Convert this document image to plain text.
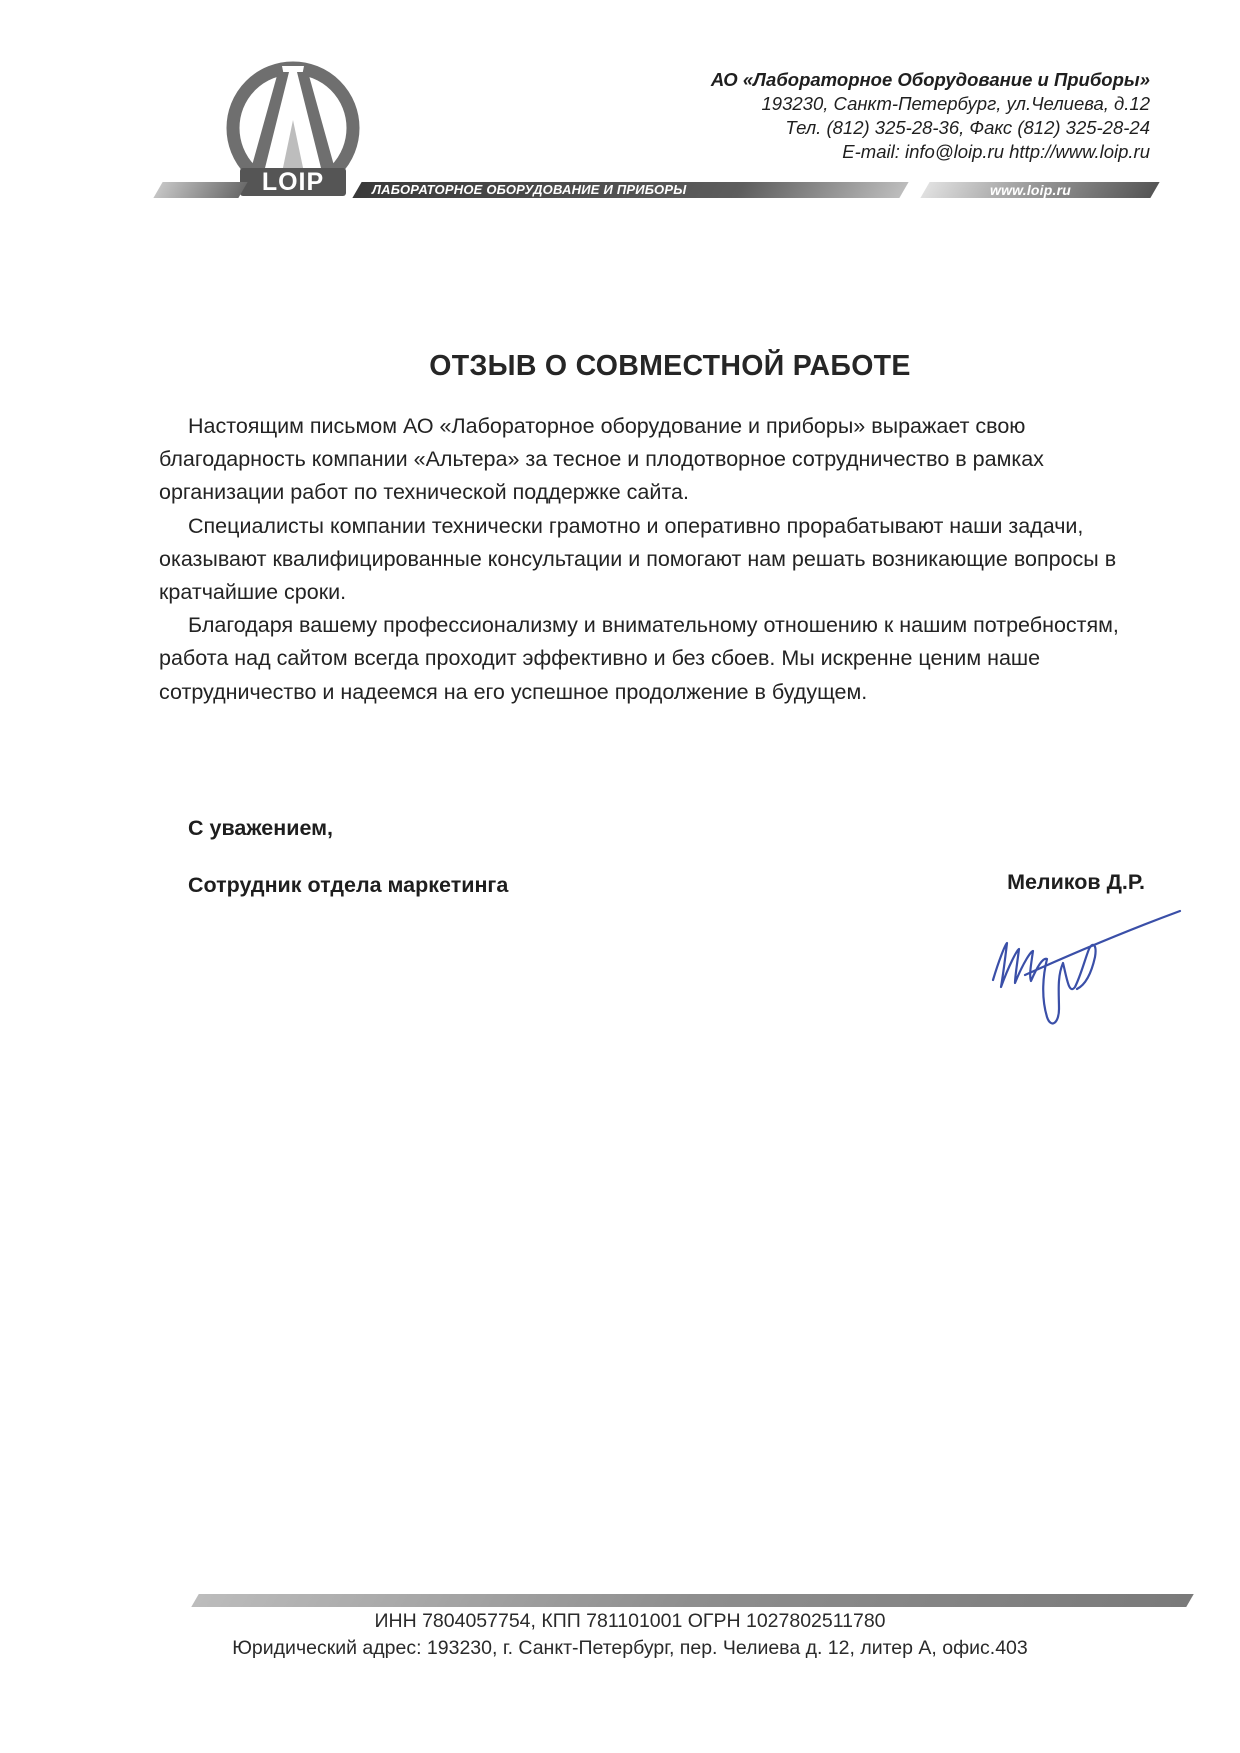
LOIP	ЛАБОРАТОРНОЕ ОБОРУДОВАНИЕ И ПРИБОРЫ	www.loip.ru
АО «Лабораторное Оборудование и Приборы»
193230, Санкт-Петербург, ул.Челиева, д.12
Тел. (812) 325-28-36, Факс (812) 325-28-24
E-mail: info@loip.ru http://www.loip.ru
ОТЗЫВ О СОВМЕСТНОЙ РАБОТЕ

Настоящим письмом АО «Лабораторное оборудование и приборы» выражает свою благодарность компании «Альтера» за тесное и плодотворное сотрудничество в рамках организации работ по технической поддержке сайта.

Специалисты компании технически грамотно и оперативно прорабатывают наши задачи, оказывают квалифицированные консультации и помогают нам решать возникающие вопросы в кратчайшие сроки.

Благодаря вашему профессионализму и внимательному отношению к нашим потребностям, работа над сайтом всегда проходит эффективно и без сбоев. Мы искренне ценим наше сотрудничество и надеемся на его успешное продолжение в будущем.

С уважением,
Сотрудник отдела маркетинга	Меликов Д.Р.
ИНН 7804057754, КПП 781101001 ОГРН 1027802511780
Юридический адрес: 193230, г. Санкт-Петербург, пер. Челиева д. 12, литер А, офис.403
